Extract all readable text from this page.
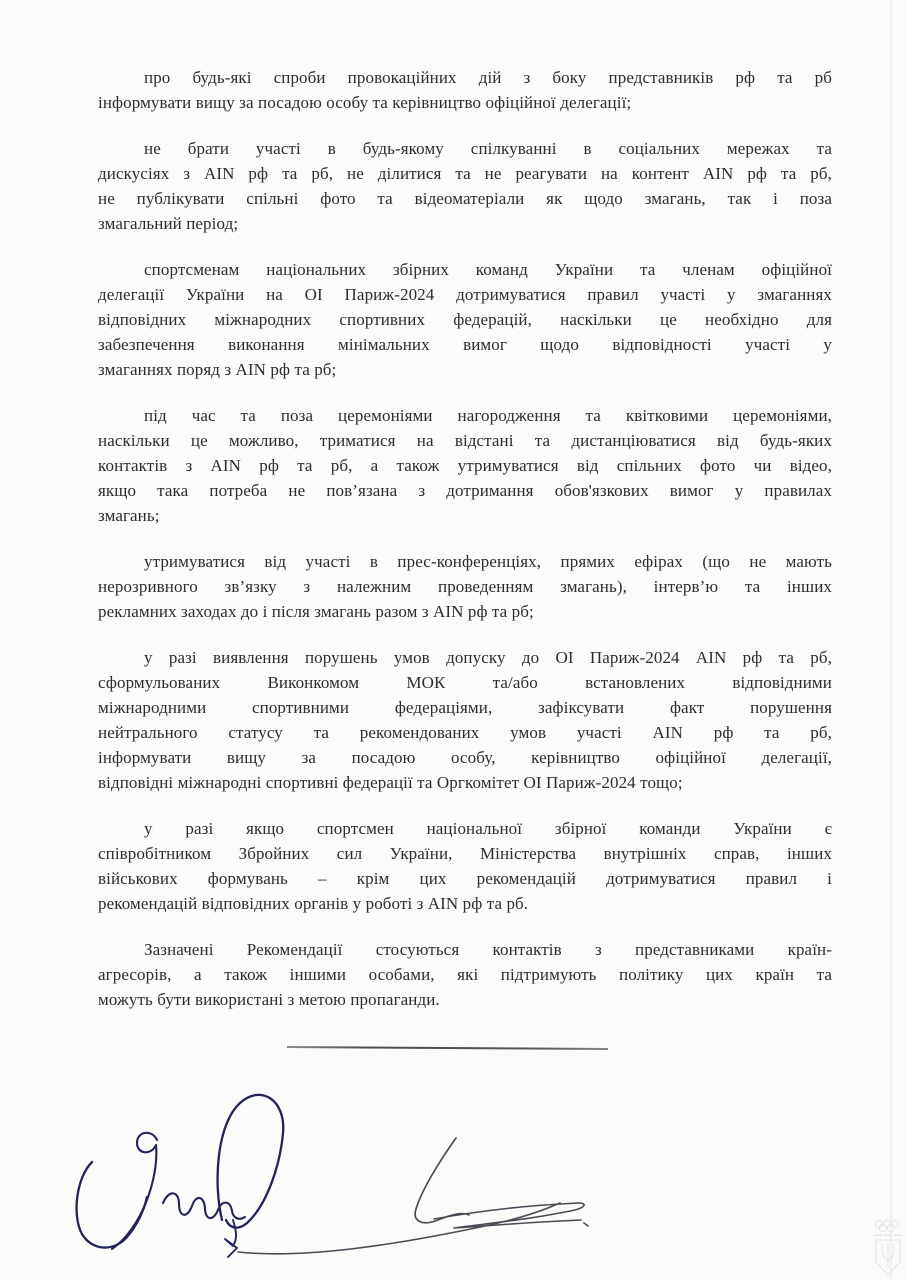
про будь-які спроби провокаційних дій з боку представників рф та рб
інформувати вищу за посадою особу та керівництво офіційної делегації;
не брати участі в будь-якому спілкуванні в соціальних мережах та
дискусіях з AIN рф та рб, не ділитися та не реагувати на контент AIN рф та рб,
не публікувати спільні фото та відеоматеріали як щодо змагань, так і поза
змагальний період;
спортсменам національних збірних команд України та членам офіційної
делегації України на ОІ Париж-2024 дотримуватися правил участі у змаганнях
відповідних міжнародних спортивних федерацій, наскільки це необхідно для
забезпечення виконання мінімальних вимог щодо відповідності участі у
змаганнях поряд з AIN рф та рб;
під час та поза церемоніями нагородження та квітковими церемоніями,
наскільки це можливо, триматися на відстані та дистанціюватися від будь-яких
контактів з AIN рф та рб, а також утримуватися від спільних фото чи відео,
якщо така потреба не пов’язана з дотримання обов'язкових вимог у правилах
змагань;
утримуватися від участі в прес-конференціях, прямих ефірах (що не мають
нерозривного зв’язку з належним проведенням змагань), інтерв’ю та інших
рекламних заходах до і після змагань разом з AIN рф та рб;
у разі виявлення порушень умов допуску до ОІ Париж-2024 AIN рф та рб,
сформульованих Виконкомом МОК та/або встановлених відповідними
міжнародними спортивними федераціями, зафіксувати факт порушення
нейтрального статусу та рекомендованих умов участі AIN рф та рб,
інформувати вищу за посадою особу, керівництво офіційної делегації,
відповідні міжнародні спортивні федерації та Оргкомітет ОІ Париж-2024 тощо;
у разі якщо спортсмен національної збірної команди України є
співробітником Збройних сил України, Міністерства внутрішніх справ, інших
військових формувань – крім цих рекомендацій дотримуватися правил і
рекомендацій відповідних органів у роботі з AIN рф та рб.
Зазначені Рекомендації стосуються контактів з представниками країн-
агресорів, а також іншими особами, які підтримують політику цих країн та
можуть бути використані з метою пропаганди.
